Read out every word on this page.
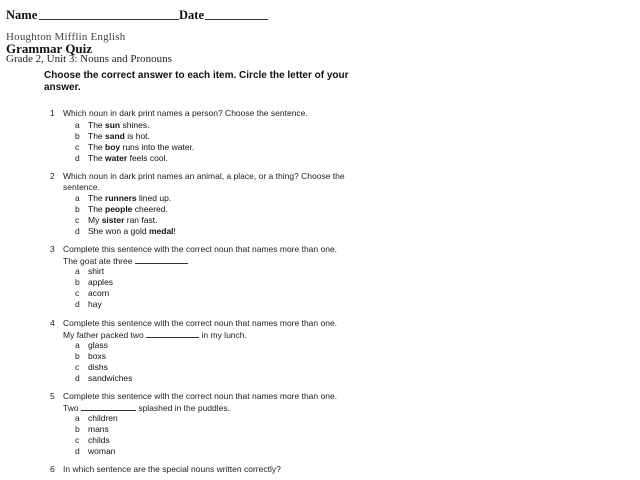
Name	Date
Houghton Mifflin English
Grammar Quiz
Grade 2, Unit 3: Nouns and Pronouns
Choose the correct answer to each item. Circle the letter of your answer.
1 Which noun in dark print names a person? Choose the sentence.
a The sun shines.
b The sand is hot.
c The boy runs into the water.
d The water feels cool.
2 Which noun in dark print names an animal, a place, or a thing? Choose the
sentence.
a The runners lined up.
b The people cheered.
c My sister ran fast.
d She won a gold medal!
3 Complete this sentence with the correct noun that names more than one.
The goat ate three
a shirt
b apples
c acorn
d hay
4 Complete this sentence with the correct noun that names more than one.
My father packed two	in my lunch.
a glass
b boxs
c dishs
d sandwiches
5 Complete this sentence with the correct noun that names more than one.
Two	splashed in the puddles.
a children
b mans
c childs
d woman
6 In which sentence are the special nouns written correctly?
